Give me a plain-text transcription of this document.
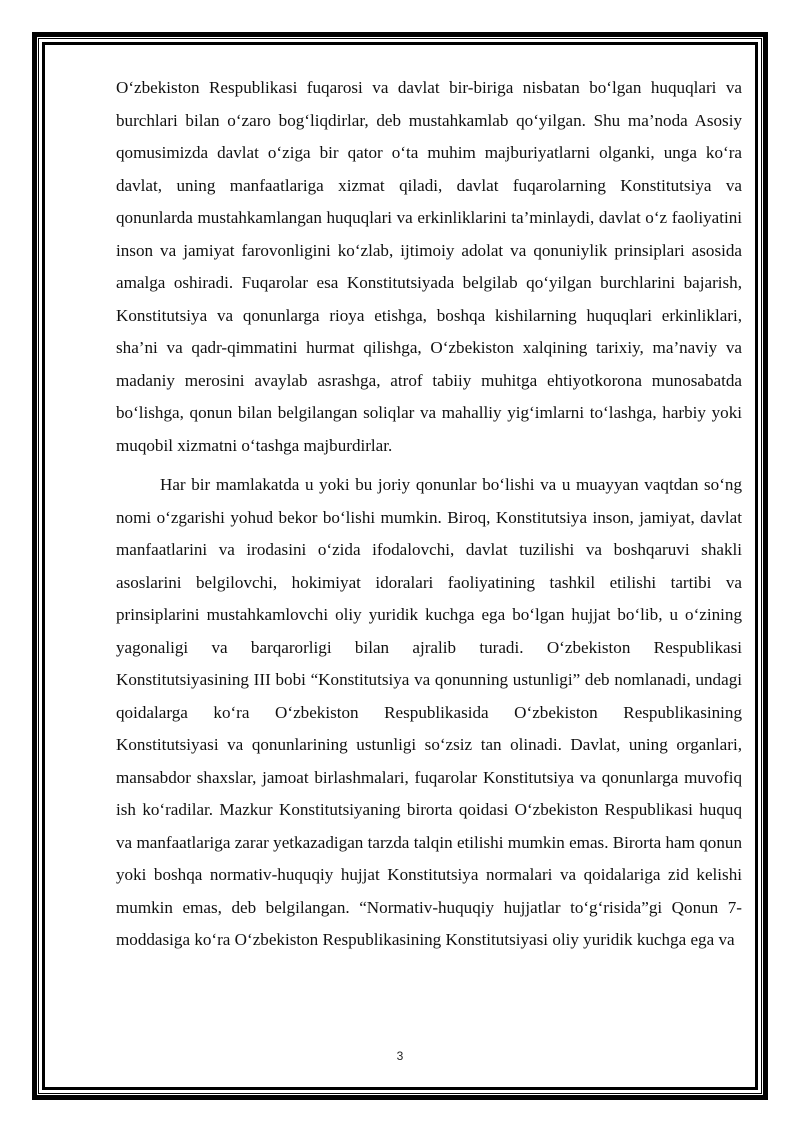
O‘zbekiston Respublikasi fuqarosi va davlat bir-biriga nisbatan bo‘lgan huquqlari va burchlari bilan o‘zaro bog‘liqdirlar, deb mustahkamlab qo‘yilgan. Shu ma’noda Asosiy qomusimizda davlat o‘ziga bir qator o‘ta muhim majburiyatlarni olganki, unga ko‘ra davlat, uning manfaatlariga xizmat qiladi, davlat fuqarolarning Konstitutsiya va qonunlarda mustahkamlangan huquqlari va erkinliklarini ta’minlaydi, davlat o‘z faoliyatini inson va jamiyat farovonligini ko‘zlab, ijtimoiy adolat va qonuniylik prinsiplari asosida amalga oshiradi. Fuqarolar esa Konstitutsiyada belgilab qo‘yilgan burchlarini bajarish, Konstitutsiya va qonunlarga rioya etishga, boshqa kishilarning huquqlari erkinliklari, sha’ni va qadr-qimmatini hurmat qilishga, O‘zbekiston xalqining tarixiy, ma’naviy va madaniy merosini avaylab asrashga, atrof tabiiy muhitga ehtiyotkorona munosabatda bo‘lishga, qonun bilan belgilangan soliqlar va mahalliy yig‘imlarni to‘lashga, harbiy yoki muqobil xizmatni o‘tashga majburdirlar.

Har bir mamlakatda u yoki bu joriy qonunlar bo‘lishi va u muayyan vaqtdan so‘ng nomi o‘zgarishi yohud bekor bo‘lishi mumkin. Biroq, Konstitutsiya inson, jamiyat, davlat manfaatlarini va irodasini o‘zida ifodalovchi, davlat tuzilishi va boshqaruvi shakli asoslarini belgilovchi, hokimiyat idoralari faoliyatining tashkil etilishi tartibi va prinsiplarini mustahkamlovchi oliy yuridik kuchga ega bo‘lgan hujjat bo‘lib, u o‘zining yagonaligi va barqarorligi bilan ajralib turadi. O‘zbekiston Respublikasi Konstitutsiyasining III bobi “Konstitutsiya va qonunning ustunligi” deb nomlanadi, undagi qoidalarga ko‘ra O‘zbekiston Respublikasida O‘zbekiston Respublikasining Konstitutsiyasi va qonunlarining ustunligi so‘zsiz tan olinadi. Davlat, uning organlari, mansabdor shaxslar, jamoat birlashmalari, fuqarolar Konstitutsiya va qonunlarga muvofiq ish ko‘radilar. Mazkur Konstitutsiyaning birorta qoidasi O‘zbekiston Respublikasi huquq va manfaatlariga zarar yetkazadigan tarzda talqin etilishi mumkin emas. Birorta ham qonun yoki boshqa normativ-huquqiy hujjat Konstitutsiya normalari va qoidalariga zid kelishi mumkin emas, deb belgilangan. “Normativ-huquqiy hujjatlar to‘g‘risida”gi Qonun 7-moddasiga ko‘ra O‘zbekiston Respublikasining Konstitutsiyasi oliy yuridik kuchga ega va

3
